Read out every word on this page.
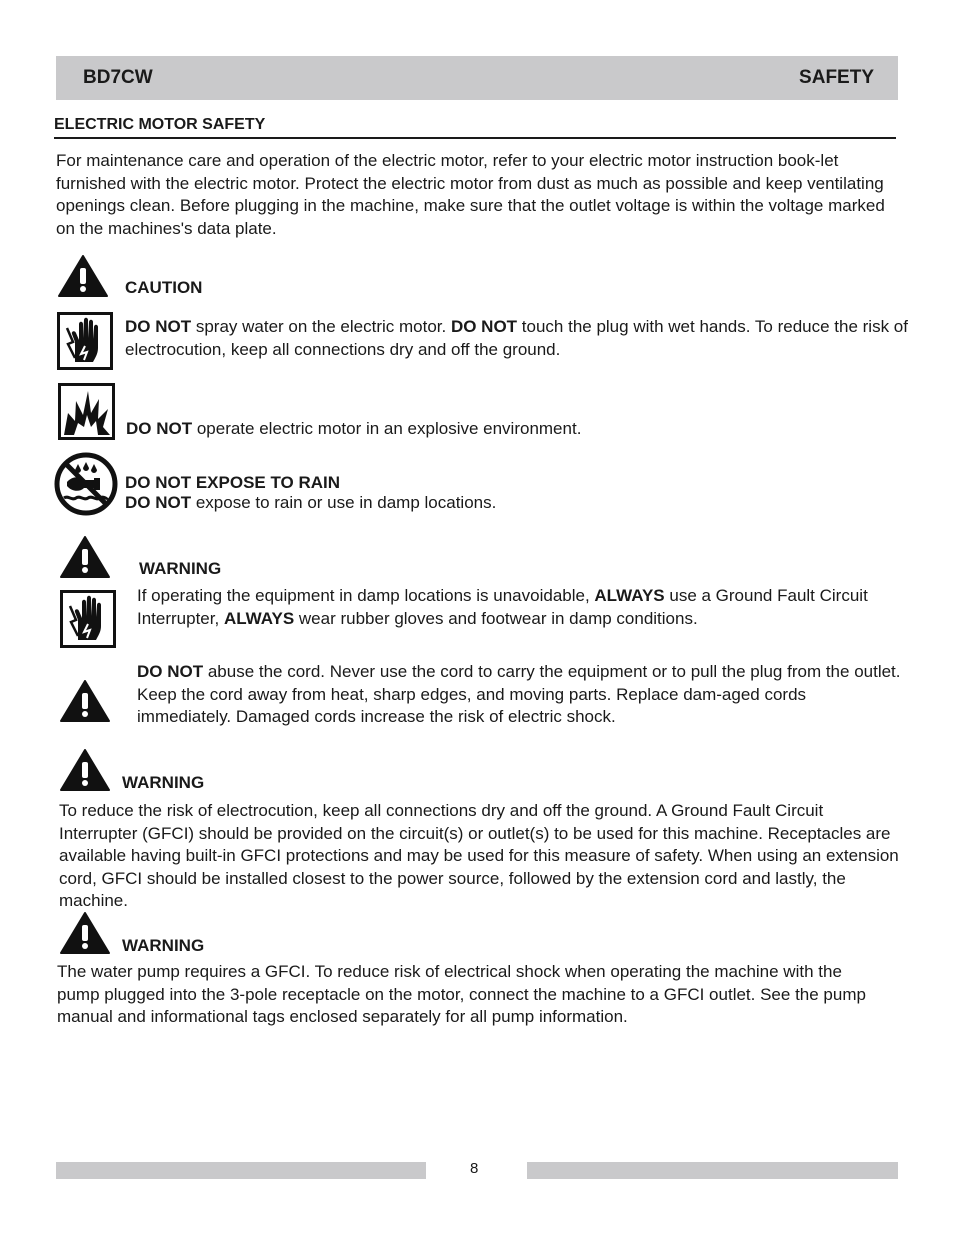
BD7CW	SAFETY
ELECTRIC MOTOR SAFETY
For maintenance care and operation of the electric motor, refer to your electric motor instruction book-let furnished with the electric motor. Protect the electric motor from dust as much as possible and keep ventilating openings clean. Before plugging in the machine, make sure that the outlet voltage is within the voltage marked on the machines's data plate.
CAUTION
DO NOT spray water on the electric motor. DO NOT touch the plug with wet hands. To reduce the risk of electrocution, keep all connections dry and off the ground.
DO NOT operate electric motor in an explosive environment.
DO NOT EXPOSE TO RAIN
DO NOT expose to rain or use in damp locations.
WARNING
If operating the equipment in damp locations is unavoidable, ALWAYS use a Ground Fault Circuit Interrupter, ALWAYS wear rubber gloves and footwear in damp conditions.
DO NOT abuse the cord. Never use the cord to carry the equipment or to pull the plug from the outlet. Keep the cord away from heat, sharp edges, and moving parts. Replace dam-aged cords immediately. Damaged cords increase the risk of electric shock.
WARNING
To reduce the risk of electrocution, keep all connections dry and off the ground. A Ground Fault Circuit Interrupter (GFCI) should be provided on the circuit(s) or outlet(s) to be used for this machine. Receptacles are available having built-in GFCI protections and may be used for this measure of safety. When using an extension cord, GFCI should be installed closest to the power source, followed by the extension cord and lastly, the machine.
WARNING
The water pump requires a GFCI. To reduce risk of electrical shock when operating the machine with the pump plugged into the 3-pole receptacle on the motor, connect the machine to a GFCI outlet. See the pump manual and informational tags enclosed separately for all pump information.
8
